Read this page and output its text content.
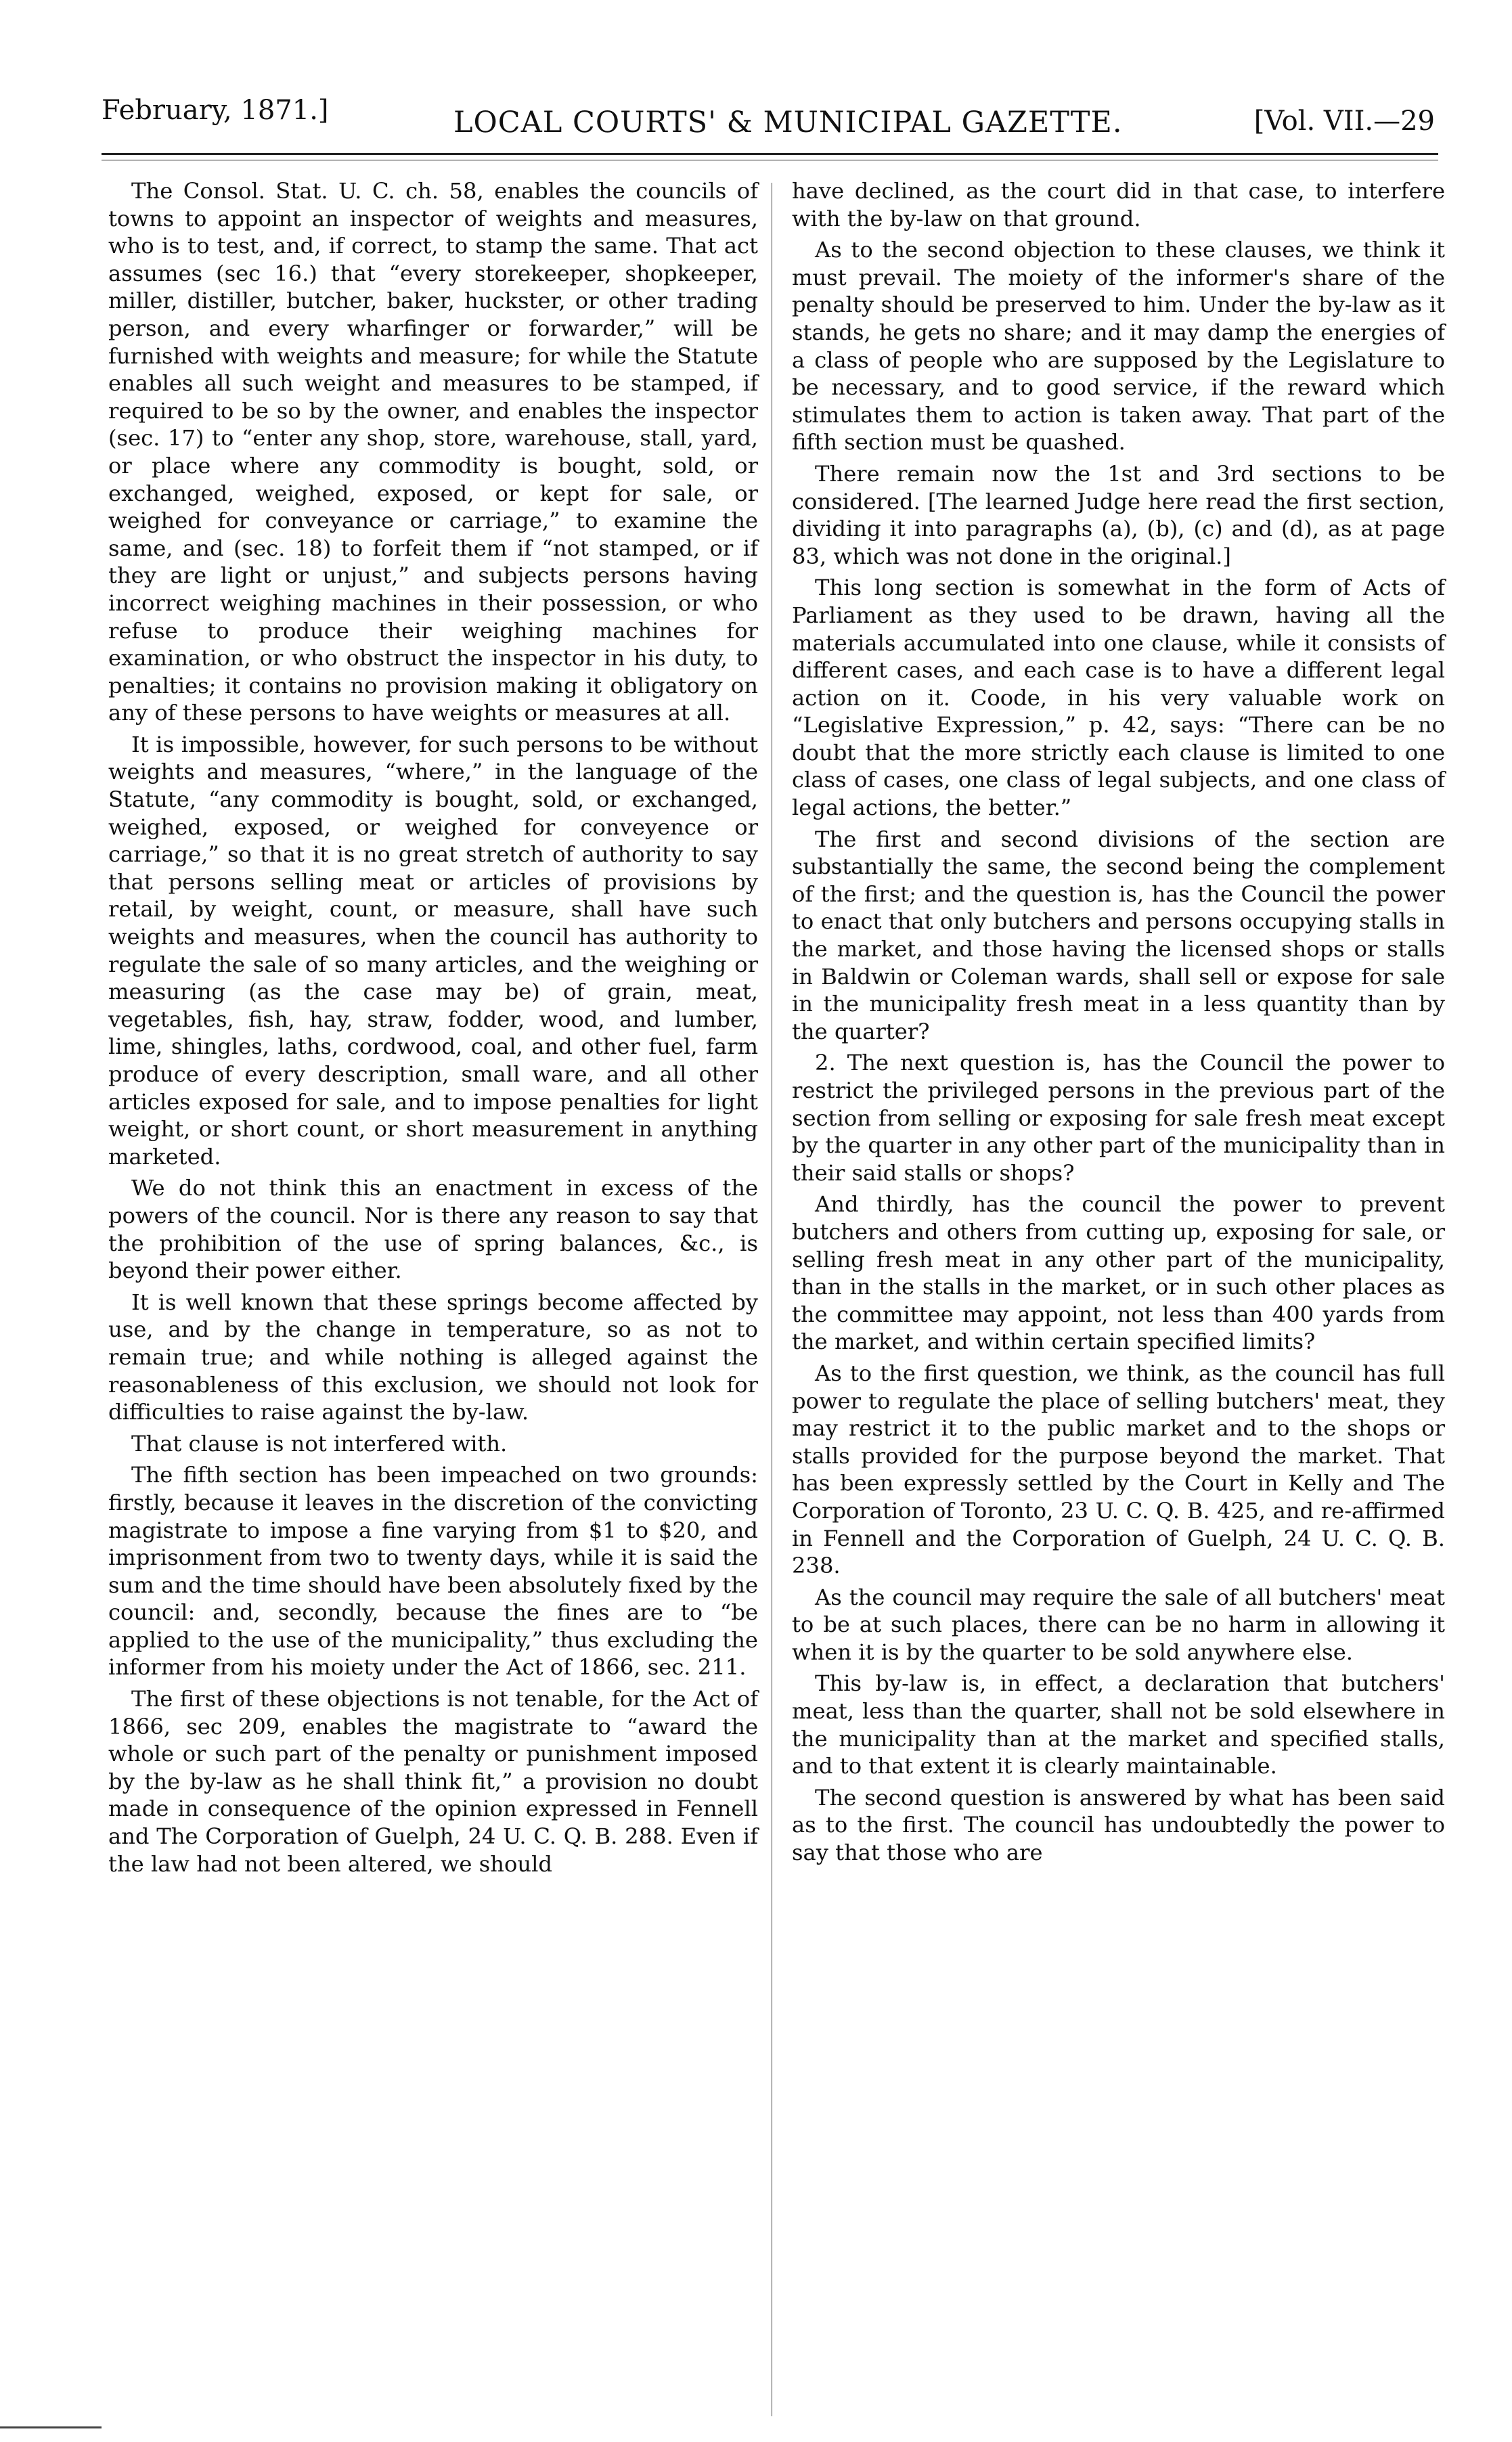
February, 1871.]	LOCAL COURTS' & MUNICIPAL GAZETTE.	[Vol. VII.—29

The Consol. Stat. U. C. ch. 58, enables the councils of towns to appoint an inspector of weights and measures, who is to test, and, if correct, to stamp the same. That act assumes (sec 16.) that “every storekeeper, shopkeeper, miller, distiller, butcher, baker, huckster, or other trading person, and every wharfinger or forwarder,” will be furnished with weights and measure; for while the Statute enables all such weight and measures to be stamped, if required to be so by the owner, and enables the inspector (sec. 17) to “enter any shop, store, warehouse, stall, yard, or place where any commodity is bought, sold, or exchanged, weighed, exposed, or kept for sale, or weighed for conveyance or carriage,” to examine the same, and (sec. 18) to forfeit them if “not stamped, or if they are light or unjust,” and subjects persons having incorrect weighing machines in their possession, or who refuse to produce their weighing machines for examination, or who obstruct the inspector in his duty, to penalties; it contains no provision making it obligatory on any of these persons to have weights or measures at all.

It is impossible, however, for such persons to be without weights and measures, “where,” in the language of the Statute, “any commodity is bought, sold, or exchanged, weighed, exposed, or weighed for conveyence or carriage,” so that it is no great stretch of authority to say that persons selling meat or articles of provisions by retail, by weight, count, or measure, shall have such weights and measures, when the council has authority to regulate the sale of so many articles, and the weighing or measuring (as the case may be) of grain, meat, vegetables, fish, hay, straw, fodder, wood, and lumber, lime, shingles, laths, cordwood, coal, and other fuel, farm produce of every description, small ware, and all other articles exposed for sale, and to impose penalties for light weight, or short count, or short measurement in anything marketed.

We do not think this an enactment in excess of the powers of the council. Nor is there any reason to say that the prohibition of the use of spring balances, &c., is beyond their power either.

It is well known that these springs become affected by use, and by the change in temperature, so as not to remain true; and while nothing is alleged against the reasonableness of this exclusion, we should not look for difficulties to raise against the by-law.

That clause is not interfered with.

The fifth section has been impeached on two grounds: firstly, because it leaves in the discretion of the convicting magistrate to impose a fine varying from $1 to $20, and imprisonment from two to twenty days, while it is said the sum and the time should have been absolutely fixed by the council: and, secondly, because the fines are to “be applied to the use of the municipality,” thus excluding the informer from his moiety under the Act of 1866, sec. 211.

The first of these objections is not tenable, for the Act of 1866, sec 209, enables the magistrate to “award the whole or such part of the penalty or punishment imposed by the by-law as he shall think fit,” a provision no doubt made in consequence of the opinion expressed in Fennell and The Corporation of Guelph, 24 U. C. Q. B. 288. Even if the law had not been altered, we should

have declined, as the court did in that case, to interfere with the by-law on that ground.

As to the second objection to these clauses, we think it must prevail. The moiety of the informer's share of the penalty should be preserved to him. Under the by-law as it stands, he gets no share; and it may damp the energies of a class of people who are supposed by the Legislature to be necessary, and to good service, if the reward which stimulates them to action is taken away. That part of the fifth section must be quashed.

There remain now the 1st and 3rd sections to be considered. [The learned Judge here read the first section, dividing it into paragraphs (a), (b), (c) and (d), as at page 83, which was not done in the original.]

This long section is somewhat in the form of Acts of Parliament as they used to be drawn, having all the materials accumulated into one clause, while it consists of different cases, and each case is to have a different legal action on it. Coode, in his very valuable work on “Legislative Expression,” p. 42, says: “There can be no doubt that the more strictly each clause is limited to one class of cases, one class of legal subjects, and one class of legal actions, the better.”

The first and second divisions of the section are substantially the same, the second being the complement of the first; and the question is, has the Council the power to enact that only butchers and persons occupying stalls in the market, and those having the licensed shops or stalls in Baldwin or Coleman wards, shall sell or expose for sale in the municipality fresh meat in a less quantity than by the quarter?

2. The next question is, has the Council the power to restrict the privileged persons in the previous part of the section from selling or exposing for sale fresh meat except by the quarter in any other part of the municipality than in their said stalls or shops?

And thirdly, has the council the power to prevent butchers and others from cutting up, exposing for sale, or selling fresh meat in any other part of the municipality, than in the stalls in the market, or in such other places as the committee may appoint, not less than 400 yards from the market, and within certain specified limits?

As to the first question, we think, as the council has full power to regulate the place of selling butchers' meat, they may restrict it to the public market and to the shops or stalls provided for the purpose beyond the market. That has been expressly settled by the Court in Kelly and The Corporation of Toronto, 23 U. C. Q. B. 425, and re-affirmed in Fennell and the Corporation of Guelph, 24 U. C. Q. B. 238.

As the council may require the sale of all butchers' meat to be at such places, there can be no harm in allowing it when it is by the quarter to be sold anywhere else.

This by-law is, in effect, a declaration that butchers' meat, less than the quarter, shall not be sold elsewhere in the municipality than at the market and specified stalls, and to that extent it is clearly maintainable.

The second question is answered by what has been said as to the first. The council has undoubtedly the power to say that those who are
